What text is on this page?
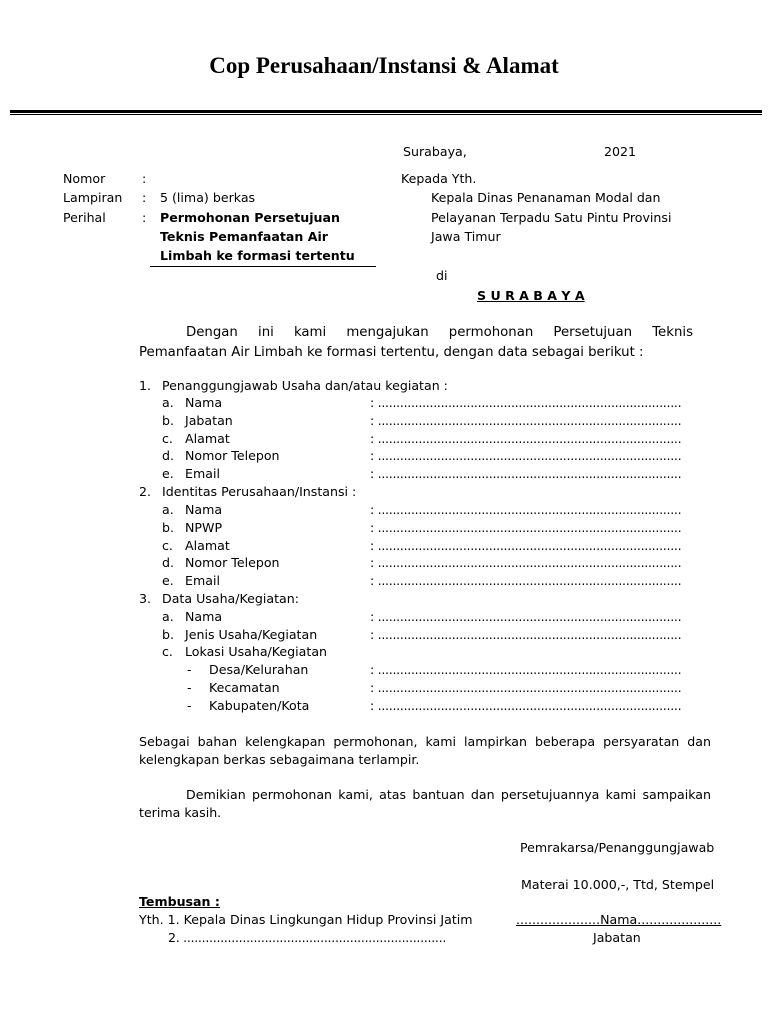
Cop Perusahaan/Instansi & Alamat
Surabaya,	2021
Nomor	:
Lampiran : 5 (lima) berkas
Perihal	: Permohonan Persetujuan
Teknis Pemanfaatan Air
Limbah ke formasi tertentu
Kepada Yth.
Kepala Dinas Penanaman Modal dan
Pelayanan Terpadu Satu Pintu Provinsi
Jawa Timur
di
S U R A B A Y A
Dengan ini kami mengajukan permohonan Persetujuan Teknis
Pemanfaatan Air Limbah ke formasi tertentu, dengan data sebagai berikut :
1. Penanggungjawab Usaha dan/atau kegiatan :
a. Nama	: ..................................................................................
b. Jabatan	: ..................................................................................
c. Alamat	: ..................................................................................
d. Nomor Telepon	: ..................................................................................
e. Email	: ..................................................................................
2. Identitas Perusahaan/Instansi :
a. Nama	: ..................................................................................
b. NPWP	: ..................................................................................
c. Alamat	: ..................................................................................
d. Nomor Telepon	: ..................................................................................
e. Email	: ..................................................................................
3. Data Usaha/Kegiatan:
a. Nama	: ..................................................................................
b. Jenis Usaha/Kegiatan	: ..................................................................................
c. Lokasi Usaha/Kegiatan
- Desa/Kelurahan	: ..................................................................................
- Kecamatan	: ..................................................................................
- Kabupaten/Kota	: ..................................................................................
Sebagai bahan kelengkapan permohonan, kami lampirkan beberapa persyaratan dan
kelengkapan berkas sebagaimana terlampir.
Demikian permohonan kami, atas bantuan dan persetujuannya kami sampaikan
terima kasih.
Pemrakarsa/Penanggungjawab
Materai 10.000,-, Ttd, Stempel
.....................Nama.....................
Jabatan
Tembusan :
Yth. 1. Kepala Dinas Lingkungan Hidup Provinsi Jatim
2. .......................................................................
